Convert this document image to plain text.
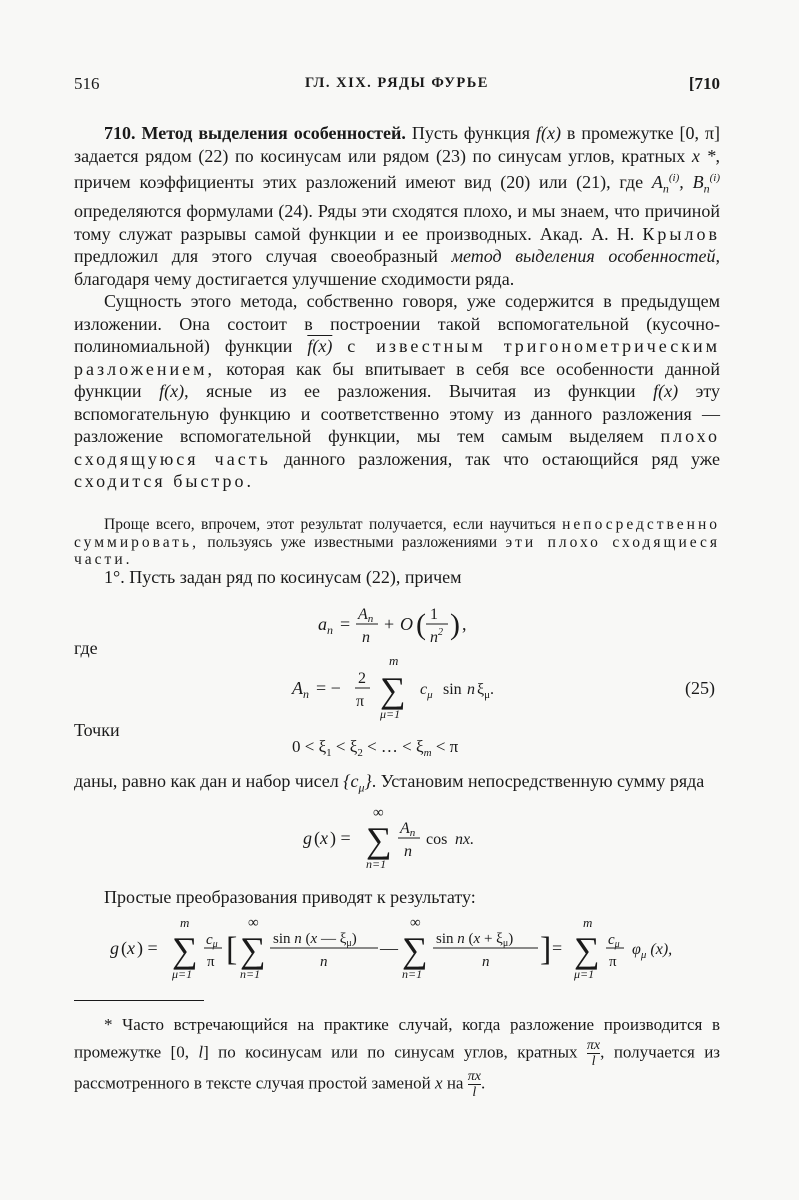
516	ГЛ. XIX. РЯДЫ ФУРЬЕ	[710

710. Метод выделения особенностей. Пусть функция f(x) в промежутке [0, π] задается рядом (22) по косинусам или рядом (23) по синусам углов, кратных x *, причем коэффициенты этих разложений имеют вид (20) или (21), где $A_n^{(i)}$, $B_n^{(i)}$ определяются формулами (24). Ряды эти сходятся плохо, и мы знаем, что причиной тому служат разрывы самой функции и ее производных. Акад. А. Н. Крылов предложил для этого случая своеобразный метод выделения особенностей, благодаря чему достигается улучшение сходимости ряда.

Сущность этого метода, собственно говоря, уже содержится в предыдущем изложении. Она состоит в построении такой вспомогательной (кусочно-полиномиальной) функции f(x) с известным тригонометрическим разложением, которая как бы впитывает в себя все особенности данной функции f(x), ясные из ее разложения. Вычитая из функции f(x) эту вспомогательную функцию и соответственно этому из данного разложения — разложение вспомогательной функции, мы тем самым выделяем плохо сходящуюся часть данного разложения, так что остающийся ряд уже сходится быстро.

Проще всего, впрочем, этот результат получается, если научиться непосредственно суммировать, пользуясь уже известными разложениями эти плохо сходящиеся части.

1°. Пусть задан ряд по косинусам (22), причем

$a_n = An$
n
+ O ( 1
$n^2$ ) ,
где
$A_n$ = − 2
π
m
∑
μ=1
$c_\mu$ sin n $\xi_\mu$.	(25)
Точки
$0 < \xi_1 < \xi_2$ < … < $\xi_m < \pi$

даны, равно как дан и набор чисел $\{c_\mu\}$. Установим непосредственную сумму ряда

g ( x ) =
∞
∑
n=1
An
n
cos nx.

Простые преобразования приводят к результату:

g ( x ) =
m
∑
μ=1
$c_\mu$
π [
∞
∑
n=1
sin n (x — $\xi_\mu$)
n
—
∞
∑
n=1
sin n $(x + \xi_\mu)$
n ] =
m
∑
μ=1
$c_\mu$
π
$\varphi_\mu$ (x),
* Часто встречающийся на практике случай, когда разложение производится в промежутке [0, l] по косинусам или по синусам углов, кратных $\frac{\pi x}{l}$ , получается из рассмотренного в тексте случая простой заменой x на $\frac{\pi x}{l}$ .
